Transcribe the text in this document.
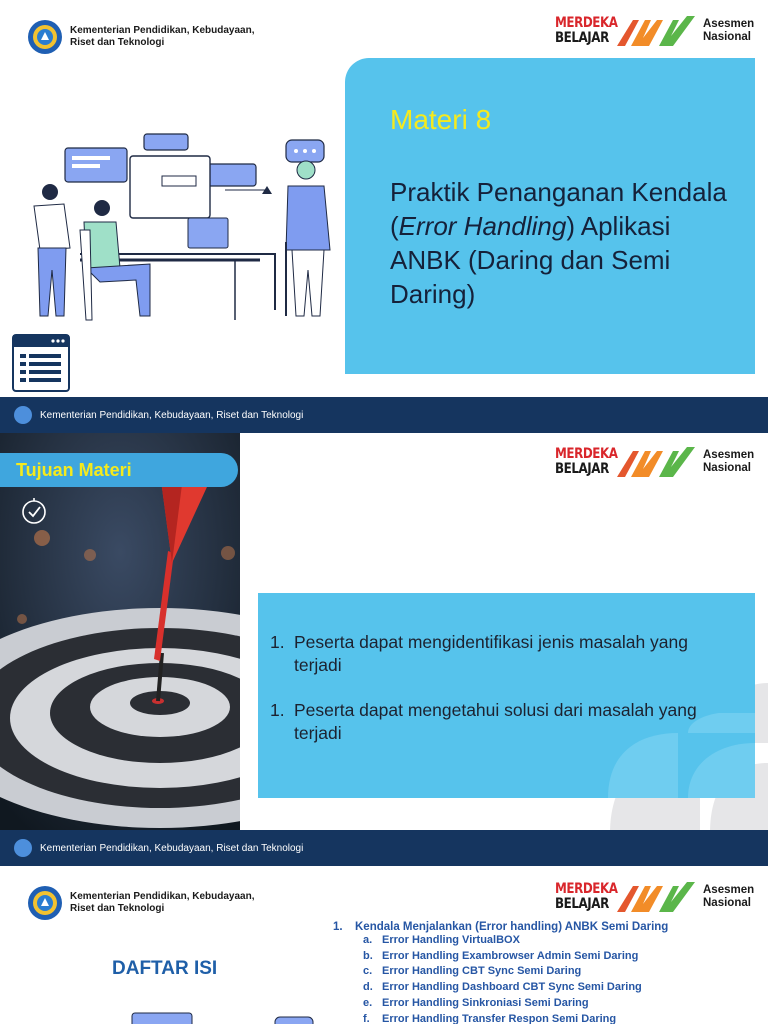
Kementerian Pendidikan, Kebudayaan,
Riset dan Teknologi
MERDEKA
BELAJAR
Asesmen
Nasional
Materi 8
Praktik Penanganan Kendala (Error Handling) Aplikasi ANBK (Daring dan Semi Daring)
Kementerian Pendidikan, Kebudayaan, Riset dan Teknologi
Tujuan Materi
MERDEKA
BELAJAR
Asesmen
Nasional
1. Peserta dapat mengidentifikasi jenis masalah yang terjadi
1. Peserta dapat mengetahui solusi dari masalah yang terjadi
Kementerian Pendidikan, Kebudayaan, Riset dan Teknologi
Kementerian Pendidikan, Kebudayaan,
Riset dan Teknologi
MERDEKA
BELAJAR
Asesmen
Nasional
DAFTAR ISI
1.	Kendala Menjalankan (Error handling) ANBK Semi Daring
a. Error Handling VirtualBOX
b. Error Handling Exambrowser Admin Semi Daring
c. Error Handling CBT Sync Semi Daring
d. Error Handling Dashboard CBT Sync Semi Daring
e. Error Handling Sinkroniasi Semi Daring
f.	Error Handling Transfer Respon Semi Daring
